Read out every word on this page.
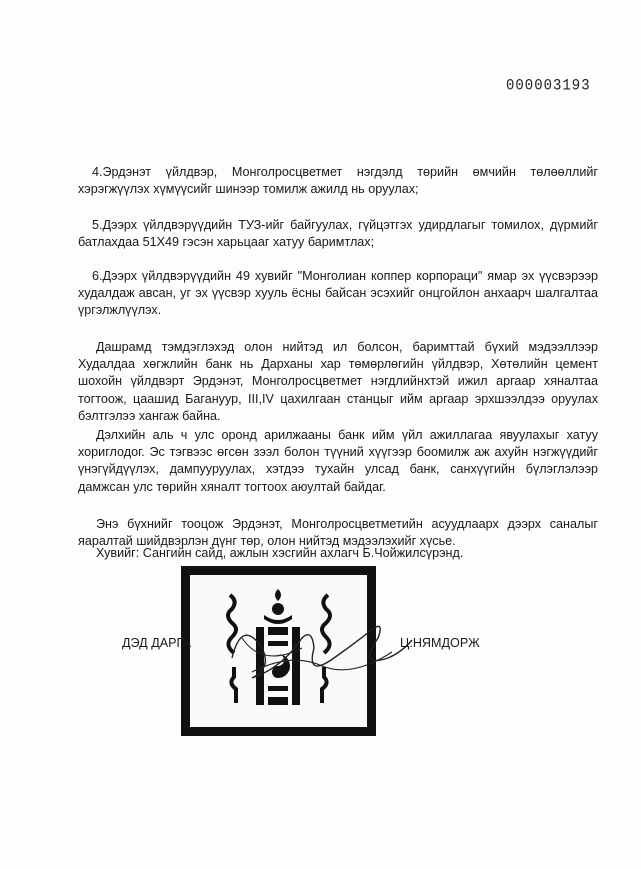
000003193
4.Эрдэнэт үйлдвэр, Монголросцветмет нэгдэлд төрийн өмчийн төлөөллийг хэрэгжүүлэх хүмүүсийг шинээр томилж ажилд нь оруулах;
5.Дээрх үйлдвэрүүдийн ТУЗ-ийг байгуулах, гүйцэтгэх удирдлагыг томилох, дүрмийг батлахдаа 51Х49 гэсэн харьцааг хатуу баримтлах;
6.Дээрх үйлдвэрүүдийн 49 хувийг "Монголиан коппер корпораци" ямар эх үүсвэрээр худалдаж авсан, уг эх үүсвэр хууль ёсны байсан эсэхийг онцгойлон анхаарч шалгалтаа үргэлжлүүлэх.
Дашрамд тэмдэглэхэд олон нийтэд ил болсон, баримттай бүхий мэдээллээр Худалдаа хөгжлийн банк нь Дарханы хар төмөрлөгийн үйлдвэр, Хөтөлийн цемент шохойн үйлдвэрт Эрдэнэт, Монголросцветмет нэгдлийнхтэй ижил аргаар хяналтаа тогтоож, цаашид Багануур, III,IV цахилгаан станцыг ийм аргаар эрхшээлдээ оруулах бэлтгэлээ хангаж байна.
Дэлхийн аль ч улс оронд арилжааны банк ийм үйл ажиллагаа явуулахыг хатуу хориглодог. Эс тэгвээс өгсөн зээл болон түүний хүүгээр боомилж аж ахуйн нэгжүүдийг үнэгүйдүүлэх, дампууруулах, хэтдээ тухайн улсад банк, санхүүгийн бүлэглэлээр дамжсан улс төрийн хяналт тогтоох аюултай байдаг.
Энэ бүхнийг тооцож Эрдэнэт, Монголросцветметийн асуудлаарх дээрх саналыг яаралтай шийдвэрлэн дүнг төр, олон нийтэд мэдээлэхийг хүсье.
Хувийг: Сангийн сайд, ажлын хэсгийн ахлагч Б.Чойжилсүрэнд.
ДЭД ДАРГА	Ц.НЯМДОРЖ
